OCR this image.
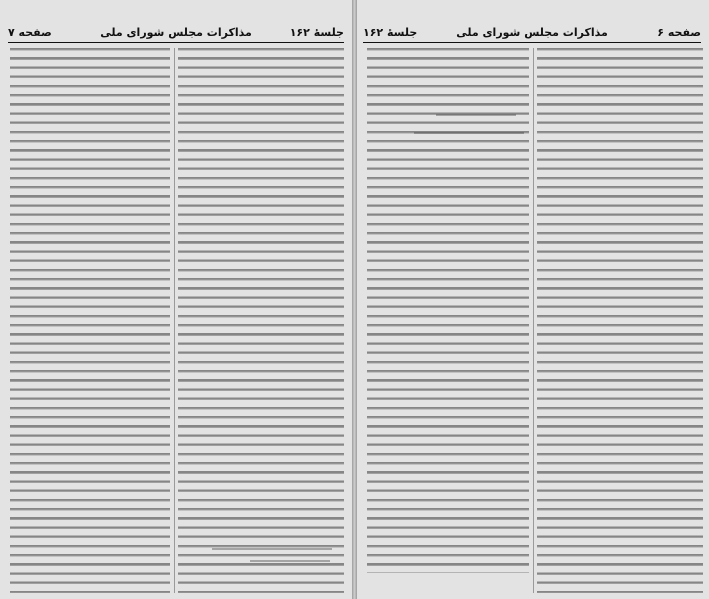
جلسهٔ ۱۶۲
مذاکرات مجلس شورای ملی
صفحه ۷	صفحه ۶
مذاکرات مجلس شورای ملی
جلسهٔ ۱۶۲
